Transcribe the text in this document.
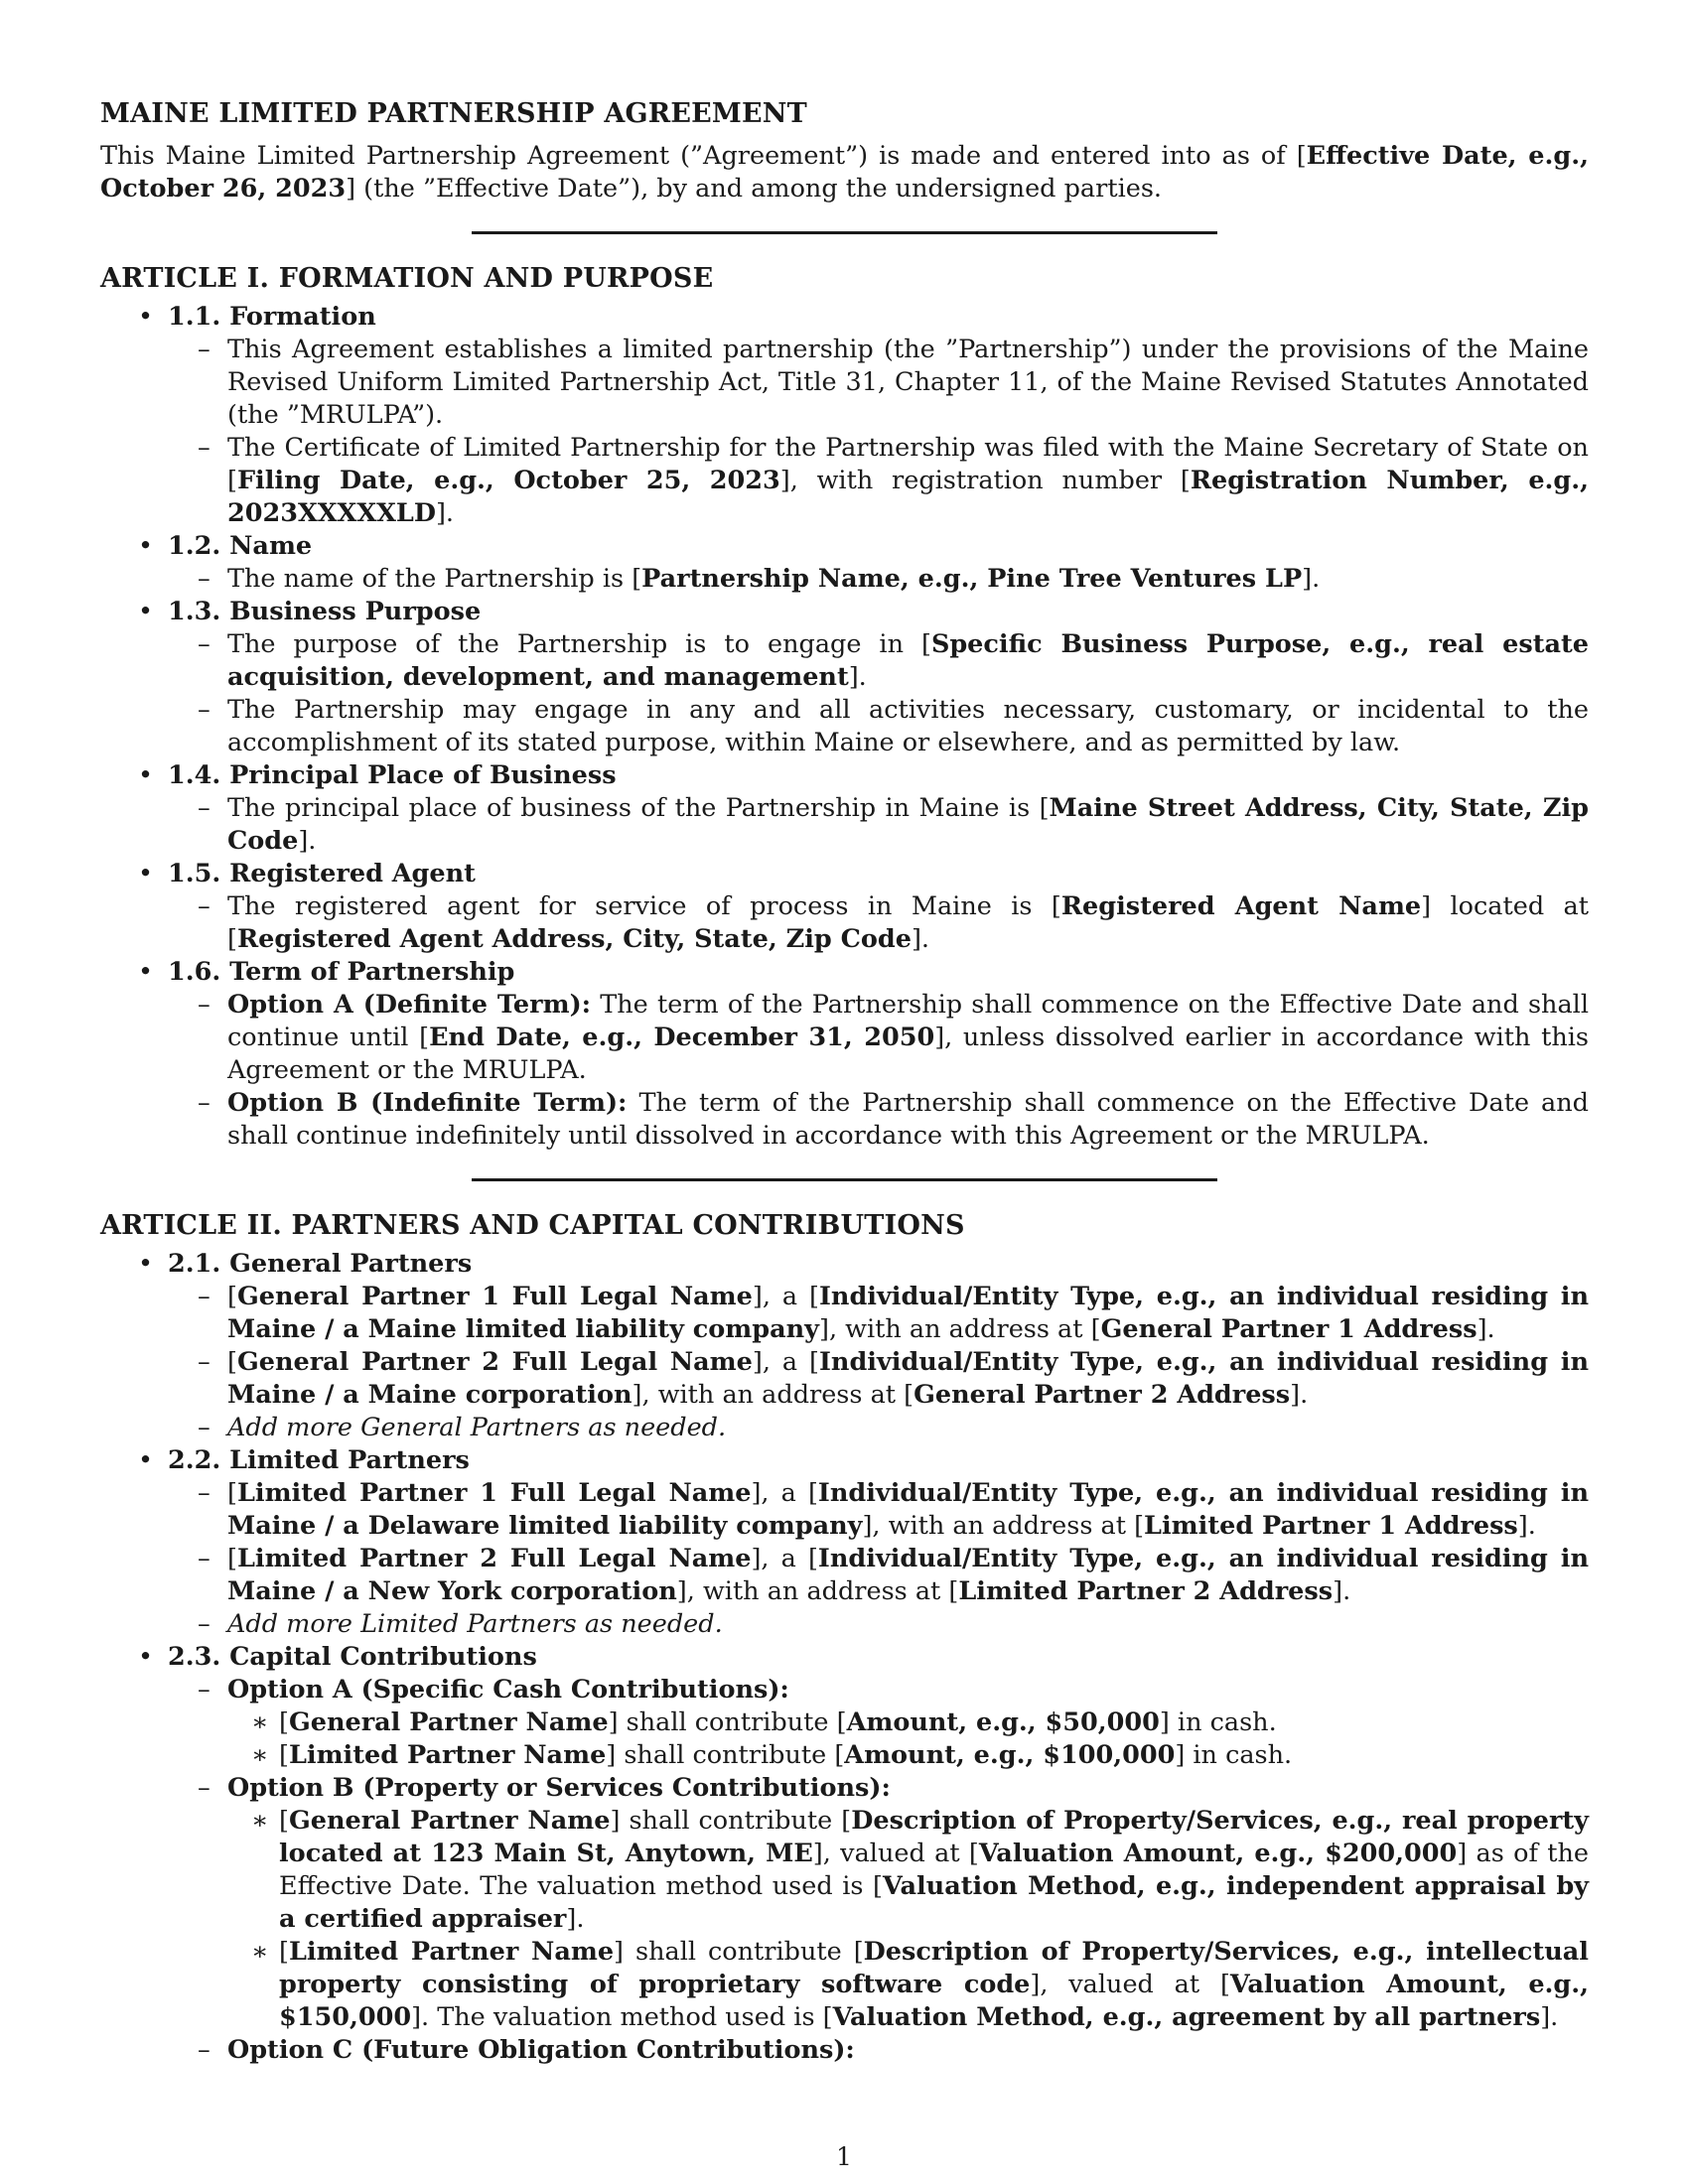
MAINE LIMITED PARTNERSHIP AGREEMENT

This Maine Limited Partnership Agreement (”Agreement”) is made and entered into as of [Effective Date, e.g., October 26, 2023] (the ”Effective Date”), by and among the undersigned parties.

ARTICLE I. FORMATION AND PURPOSE
• 1.1. Formation
– This Agreement establishes a limited partnership (the ”Partnership”) under the provisions of the Maine Revised Uniform Limited Partnership Act, Title 31, Chapter 11, of the Maine Revised Statutes Annotated (the ”MRULPA”).
– The Certificate of Limited Partnership for the Partnership was filed with the Maine Secretary of State on [Filing Date, e.g., October 25, 2023], with registration number [Registration Number, e.g., 2023XXXXXLD].
• 1.2. Name
– The name of the Partnership is [Partnership Name, e.g., Pine Tree Ventures LP].
• 1.3. Business Purpose
– The purpose of the Partnership is to engage in [Specific Business Purpose, e.g., real estate acquisition, development, and management].
– The Partnership may engage in any and all activities necessary, customary, or incidental to the accomplishment of its stated purpose, within Maine or elsewhere, and as permitted by law.
• 1.4. Principal Place of Business
– The principal place of business of the Partnership in Maine is [Maine Street Address, City, State, Zip Code].
• 1.5. Registered Agent
– The registered agent for service of process in Maine is [Registered Agent Name] located at [Registered Agent Address, City, State, Zip Code].
• 1.6. Term of Partnership
– Option A (Definite Term): The term of the Partnership shall commence on the Effective Date and shall continue until [End Date, e.g., December 31, 2050], unless dissolved earlier in accordance with this Agreement or the MRULPA.
– Option B (Indefinite Term): The term of the Partnership shall commence on the Effective Date and shall continue indefinitely until dissolved in accordance with this Agreement or the MRULPA.
ARTICLE II. PARTNERS AND CAPITAL CONTRIBUTIONS
• 2.1. General Partners
– [General Partner 1 Full Legal Name], a [Individual/Entity Type, e.g., an individual residing in Maine / a Maine limited liability company], with an address at [General Partner 1 Address].
– [General Partner 2 Full Legal Name], a [Individual/Entity Type, e.g., an individual residing in Maine / a Maine corporation], with an address at [General Partner 2 Address].
– Add more General Partners as needed.
• 2.2. Limited Partners
– [Limited Partner 1 Full Legal Name], a [Individual/Entity Type, e.g., an individual residing in Maine / a Delaware limited liability company], with an address at [Limited Partner 1 Address].
– [Limited Partner 2 Full Legal Name], a [Individual/Entity Type, e.g., an individual residing in Maine / a New York corporation], with an address at [Limited Partner 2 Address].
– Add more Limited Partners as needed.
• 2.3. Capital Contributions
– Option A (Specific Cash Contributions):
∗ [General Partner Name] shall contribute [Amount, e.g., $50,000] in cash.
∗ [Limited Partner Name] shall contribute [Amount, e.g., $100,000] in cash.
– Option B (Property or Services Contributions):
∗ [General Partner Name] shall contribute [Description of Property/Services, e.g., real property located at 123 Main St, Anytown, ME], valued at [Valuation Amount, e.g., $200,000] as of the Effective Date. The valuation method used is [Valuation Method, e.g., independent appraisal by a certified appraiser].
∗ [Limited Partner Name] shall contribute [Description of Property/Services, e.g., intellectual property consisting of proprietary software code], valued at [Valuation Amount, e.g., $150,000]. The valuation method used is [Valuation Method, e.g., agreement by all partners].
– Option C (Future Obligation Contributions):
1
